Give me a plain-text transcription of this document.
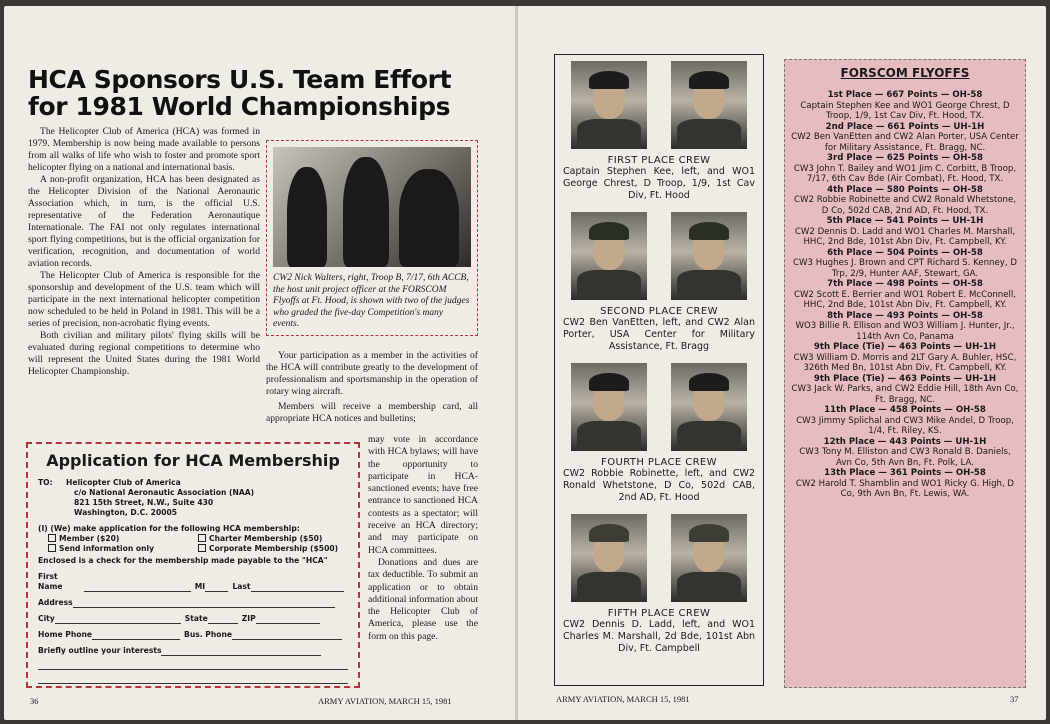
HCA Sponsors U.S. Team Effort for 1981 World Championships

The Helicopter Club of America (HCA) was formed in 1979. Membership is now being made available to persons from all walks of life who wish to foster and promote sport helicopter flying on a national and international basis.

A non-profit organization, HCA has been designated as the Helicopter Division of the National Aeronautic Association which, in turn, is the official U.S. representative of the Federation Aeronautique Internationale. The FAI not only regulates international sport flying competitions, but is the official organization for verification, recognition, and documentation of world aviation records.

The Helicopter Club of America is responsible for the sponsorship and development of the U.S. team which will participate in the next international helicopter competition now scheduled to be held in Poland in 1981. This will be a series of precision, non-acrobatic flying events.

Both civilian and military pilots' flying skills will be evaluated during regional competitions to determine who will represent the United States during the 1981 World Helicopter Championship.

CW2 Nick Walters, right, Troop B, 7/17, 6th ACCB, the host unit project officer at the FORSCOM Flyoffs at Ft. Hood, is shown with two of the judges who graded the five-day Competition's many events.

Your participation as a member in the activities of the HCA will contribute greatly to the development of professionalism and sportsmanship in the operation of rotary wing aircraft.

Members will receive a membership card, all appropriate HCA notices and bulletins;

may vote in accordance with HCA bylaws; will have the opportunity to participate in HCA-sanctioned events; have free entrance to sanctioned HCA contests as a spectator; will receive an HCA directory; and may participate on HCA committees.

Donations and dues are tax deductible. To submit an application or to obtain additional information about the Helicopter Club of America, please use the form on this page.

Application for HCA Membership
TO:	Helicopter Club of America
c/o National Aeronautic Association (NAA)
821 15th Street, N.W., Suite 430
Washington, D.C. 20005
(I) (We) make application for the following HCA membership:
Member ($20)	Charter Membership ($50)
Send information only	Corporate Membership ($500)
Enclosed is a check for the membership made payable to the "HCA"
First Name	MI	Last
Address
City	State	ZIP
Home Phone	Bus. Phone
Briefly outline your interests
36	ARMY AVIATION, MARCH 15, 1981
FIRST PLACE CREW
Captain Stephen Kee, left, and WO1 George Chrest, D Troop, 1/9, 1st Cav Div, Ft. Hood
SECOND PLACE CREW
CW2 Ben VanEtten, left, and CW2 Alan Porter, USA Center for Military Assistance, Ft. Bragg
FOURTH PLACE CREW
CW2 Robbie Robinette, left, and CW2 Ronald Whetstone, D Co, 502d CAB, 2nd AD, Ft. Hood
FIFTH PLACE CREW
CW2 Dennis D. Ladd, left, and WO1 Charles M. Marshall, 2d Bde, 101st Abn Div, Ft. Campbell
FORSCOM FLYOFFS
1st Place — 667 Points — OH-58
Captain Stephen Kee and WO1 George Chrest, D Troop, 1/9, 1st Cav Div, Ft. Hood, TX.
2nd Place — 661 Points — UH-1H
CW2 Ben VanEtten and CW2 Alan Porter, USA Center for Military Assistance, Ft. Bragg, NC.
3rd Place — 625 Points — OH-58
CW3 John T. Bailey and WO1 Jim C. Corbitt, B Troop, 7/17, 6th Cav Bde (Air Combat), Ft. Hood, TX.
4th Place — 580 Points — OH-58
CW2 Robbie Robinette and CW2 Ronald Whetstone, D Co, 502d CAB, 2nd AD, Ft. Hood, TX.
5th Place — 541 Points — UH-1H
CW2 Dennis D. Ladd and WO1 Charles M. Marshall, HHC, 2nd Bde, 101st Abn Div, Ft. Campbell, KY.
6th Place — 504 Points — OH-58
CW3 Hughes J. Brown and CPT Richard S. Kenney, D Trp, 2/9, Hunter AAF, Stewart, GA.
7th Place — 498 Points — OH-58
CW2 Scott E. Berrier and WO1 Robert E. McConnell, HHC, 2nd Bde, 101st Abn Div, Ft. Campbell, KY.
8th Place — 493 Points — OH-58
WO3 Billie R. Ellison and WO3 William J. Hunter, Jr., 114th Avn Co, Panama
9th Place (Tie) — 463 Points — UH-1H
CW3 William D. Morris and 2LT Gary A. Buhler, HSC, 326th Med Bn, 101st Abn Div, Ft. Campbell, KY.
9th Place (Tie) — 463 Points — UH-1H
CW3 Jack W. Parks, and CW2 Eddie Hill, 18th Avn Co, Ft. Bragg, NC.
11th Place — 458 Points — OH-58
CW3 Jimmy Splichal and CW3 Mike Andel, D Troop, 1/4, Ft. Riley, KS.
12th Place — 443 Points — UH-1H
CW3 Tony M. Elliston and CW3 Ronald B. Daniels, Avn Co, 5th Avn Bn, Ft. Polk, LA.
13th Place — 361 Points — OH-58
CW2 Harold T. Shamblin and WO1 Ricky G. High, D Co, 9th Avn Bn, Ft. Lewis, WA.
ARMY AVIATION, MARCH 15, 1981	37
